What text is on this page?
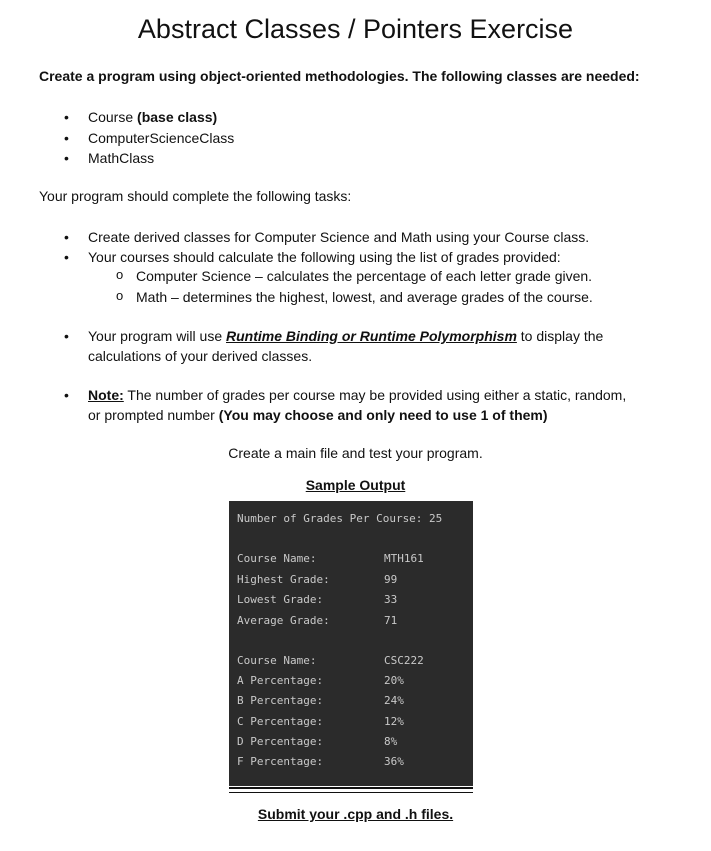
Abstract Classes / Pointers Exercise
Create a program using object-oriented methodologies. The following classes are needed:
• Course (base class)
• ComputerScienceClass
• MathClass
Your program should complete the following tasks:
• Create derived classes for Computer Science and Math using your Course class.
• Your courses should calculate the following using the list of grades provided:
o Computer Science – calculates the percentage of each letter grade given.
o Math – determines the highest, lowest, and average grades of the course.
• Your program will use Runtime Binding or Runtime Polymorphism to display the
calculations of your derived classes.
• Note: The number of grades per course may be provided using either a static, random,
or prompted number (You may choose and only need to use 1 of them)
Create a main file and test your program.
Sample Output
Number of Grades Per Course: 25
Course Name:	MTH161
Highest Grade:	99
Lowest Grade:	33
Average Grade:	71
Course Name:	CSC222
A Percentage:	20%
B Percentage:	24%
C Percentage:	12%
D Percentage:	8%
F Percentage:	36%
Submit your .cpp and .h files.
